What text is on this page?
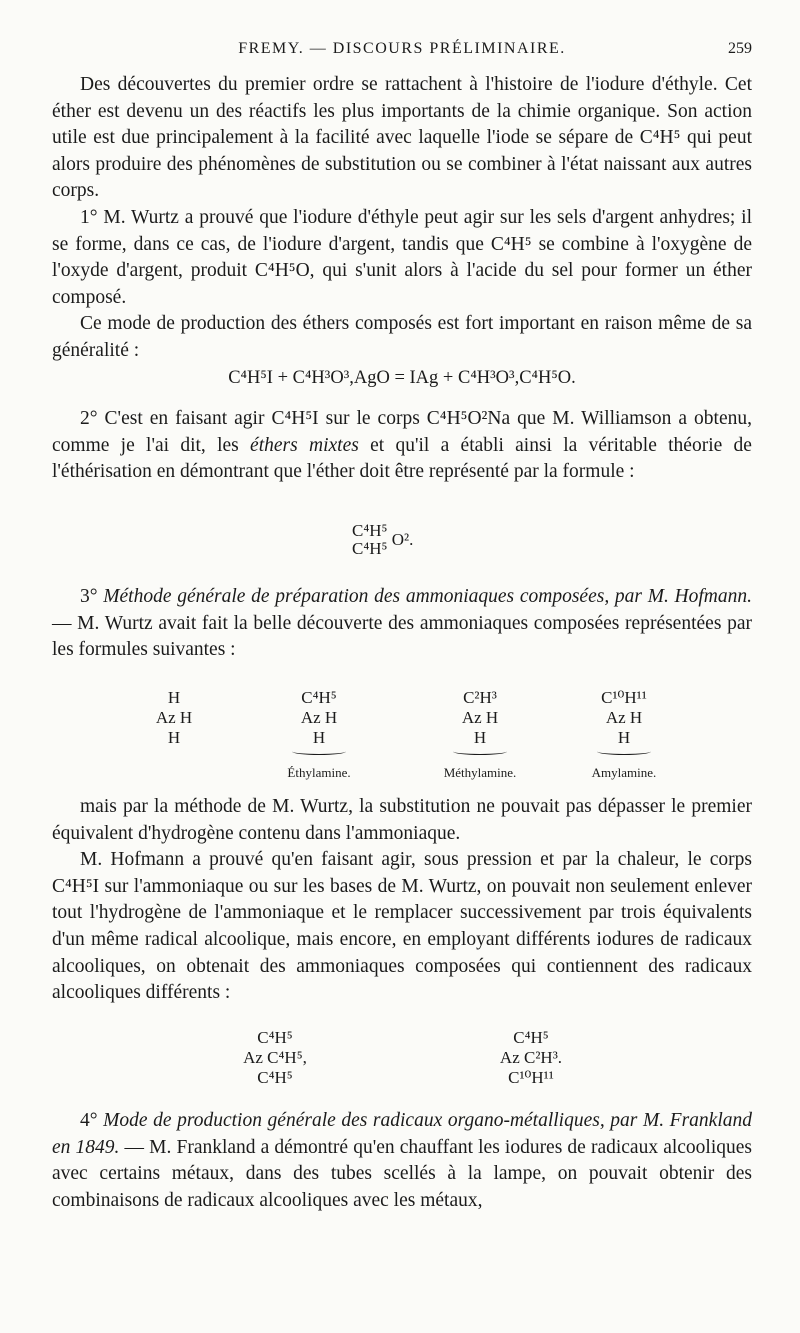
FREMY. — DISCOURS PRÉLIMINAIRE.	259

Des découvertes du premier ordre se rattachent à l'histoire de l'iodure d'éthyle. Cet éther est devenu un des réactifs les plus importants de la chimie organique. Son action utile est due principalement à la facilité avec laquelle l'iode se sépare de C⁴H⁵ qui peut alors produire des phénomènes de substitution ou se combiner à l'état naissant aux autres corps.

1° M. Wurtz a prouvé que l'iodure d'éthyle peut agir sur les sels d'argent anhydres; il se forme, dans ce cas, de l'iodure d'argent, tandis que C⁴H⁵ se combine à l'oxygène de l'oxyde d'argent, produit C⁴H⁵O, qui s'unit alors à l'acide du sel pour former un éther composé.

Ce mode de production des éthers composés est fort important en raison même de sa généralité :

C⁴H⁵I + C⁴H³O³,AgO = IAg + C⁴H³O³,C⁴H⁵O.

2° C'est en faisant agir C⁴H⁵I sur le corps C⁴H⁵O²Na que M. Williamson a obtenu, comme je l'ai dit, les éthers mixtes et qu'il a établi ainsi la véritable théorie de l'éthérisation en démontrant que l'éther doit être représenté par la formule :

C⁴H⁵
C⁴H⁵ O².

3° Méthode générale de préparation des ammoniaques composées, par M. Hofmann. — M. Wurtz avait fait la belle découverte des ammoniaques composées représentées par les formules suivantes :

H
Az H
H
C⁴H⁵
Az H
H
Éthylamine.
C²H³
Az H
H
Méthylamine.
C¹⁰H¹¹
Az H
H
Amylamine.

mais par la méthode de M. Wurtz, la substitution ne pouvait pas dépasser le premier équivalent d'hydrogène contenu dans l'ammoniaque.

M. Hofmann a prouvé qu'en faisant agir, sous pression et par la chaleur, le corps C⁴H⁵I sur l'ammoniaque ou sur les bases de M. Wurtz, on pouvait non seulement enlever tout l'hydrogène de l'ammoniaque et le remplacer successivement par trois équivalents d'un même radical alcoolique, mais encore, en employant différents iodures de radicaux alcooliques, on obtenait des ammoniaques composées qui contiennent des radicaux alcooliques différents :

C⁴H⁵
Az C⁴H⁵,
C⁴H⁵
C⁴H⁵
Az C²H³.
C¹⁰H¹¹

4° Mode de production générale des radicaux organo-métalliques, par M. Frankland en 1849. — M. Frankland a démontré qu'en chauffant les iodures de radicaux alcooliques avec certains métaux, dans des tubes scellés à la lampe, on pouvait obtenir des combinaisons de radicaux alcooliques avec les métaux,
